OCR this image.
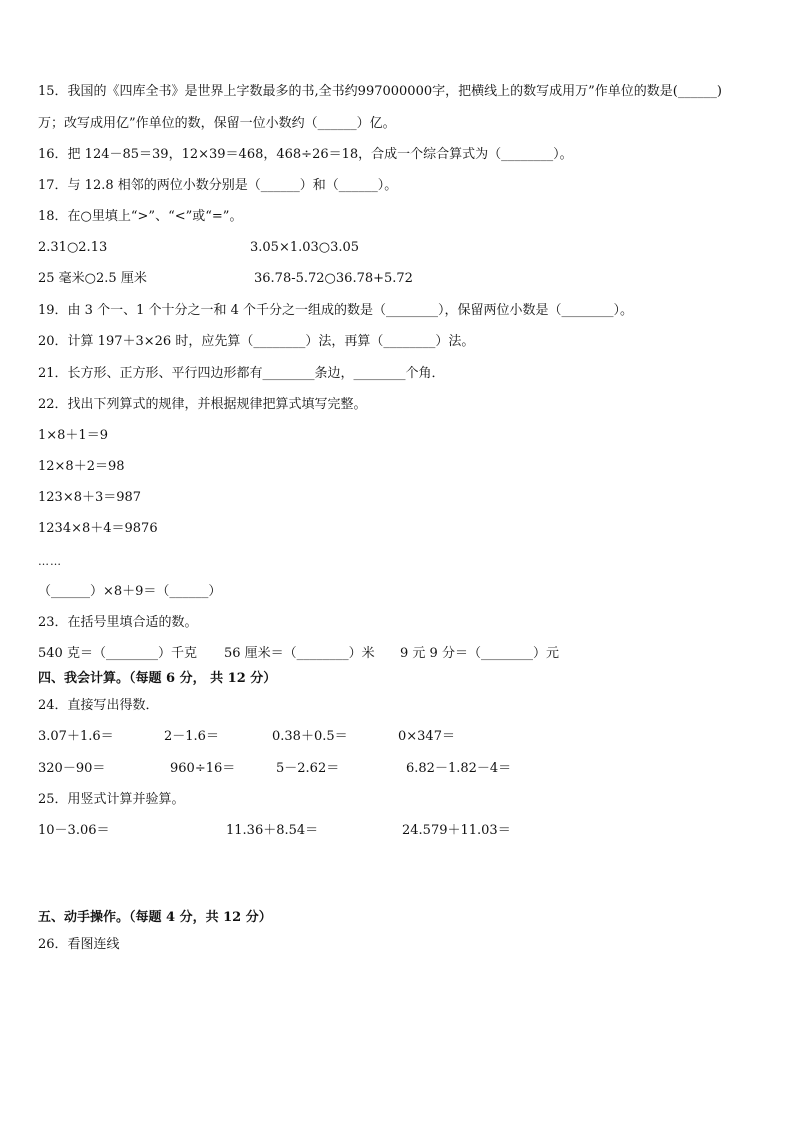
15．我国的《四库全书》是世界上字数最多的书,全书约997000000字，把横线上的数写成用万”作单位的数是(______)
万；改写成用亿”作单位的数，保留一位小数约（______）亿。
16．把 124－85＝39，12×39＝468，468÷26＝18，合成一个综合算式为（________）。
17．与 12.8 相邻的两位小数分别是（______）和（______）。
18．在○里填上“>”、“<”或“=”。
2.31○2.13	3.05×1.03○3.05
25 毫米○2.5 厘米	36.78-5.72○36.78+5.72
19．由 3 个一、1 个十分之一和 4 个千分之一组成的数是（________），保留两位小数是（________）。
20．计算 197＋3×26 时，应先算（________）法，再算（________）法。
21．长方形、正方形、平行四边形都有________条边，________个角．
22．找出下列算式的规律，并根据规律把算式填写完整。
1×8＋1＝9
12×8＋2＝98
123×8＋3＝987
1234×8＋4＝9876
……
（______）×8＋9＝（______）
23．在括号里填合适的数。
540 克＝（________）千克 56 厘米＝（________）米 9 元 9 分＝（________）元
四、我会计算。（每题 6 分， 共 12 分）
24．直接写出得数．
3.07＋1.6＝	2－1.6＝	0.38＋0.5＝	0×347＝
320－90＝	960÷16＝	5－2.62＝	6.82－1.82－4＝
25．用竖式计算并验算。
10－3.06＝	11.36＋8.54＝	24.579＋11.03＝
五、动手操作。（每题 4 分，共 12 分）
26．看图连线
